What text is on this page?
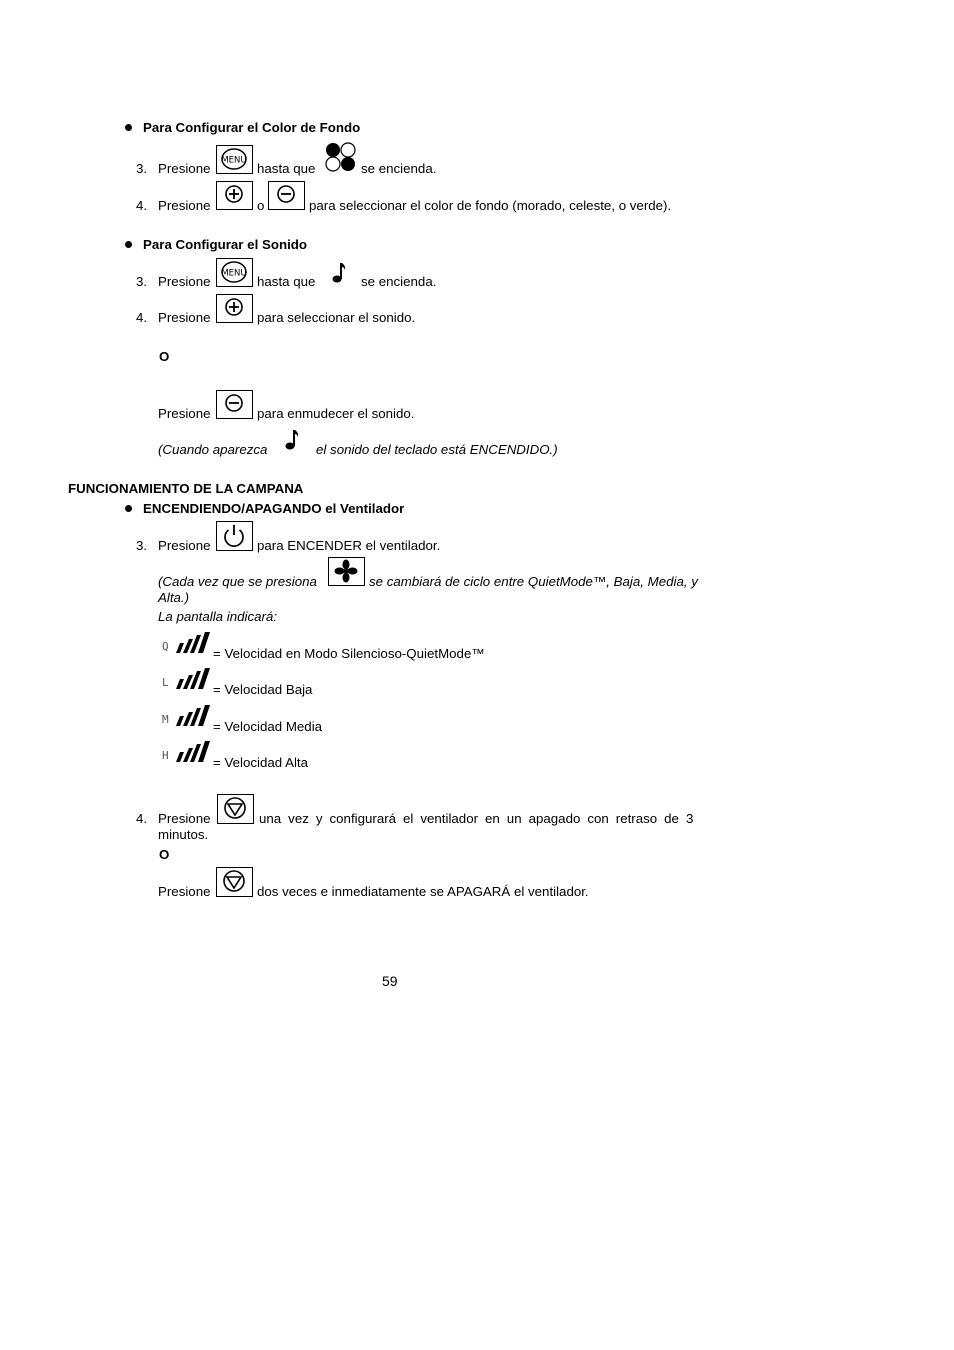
Para Configurar el Color de Fondo
3. Presione
MENU
hasta que	se encienda.
4. Presione	o	para seleccionar el color de fondo (morado, celeste, o verde).
Para Configurar el Sonido
3. Presione
MENU
hasta que	se encienda.
4. Presione	para seleccionar el sonido.
O
Presione	para enmudecer el sonido.
(Cuando aparezca	el sonido del teclado está ENCENDIDO.)
FUNCIONAMIENTO DE LA CAMPANA
ENCENDIENDO/APAGANDO el Ventilador
3. Presione	para ENCENDER el ventilador.
(Cada vez que se presiona	se cambiará de ciclo entre QuietMode™, Baja, Media, y
Alta.)
La pantalla indicará:
Q	= Velocidad en Modo Silencioso-QuietMode™
L	= Velocidad Baja
M	= Velocidad Media
H	= Velocidad Alta
4. Presione	una vez y configurará el ventilador en un apagado con retraso de 3
minutos.
O
Presione	dos veces e inmediatamente se APAGARÁ el ventilador.
59
